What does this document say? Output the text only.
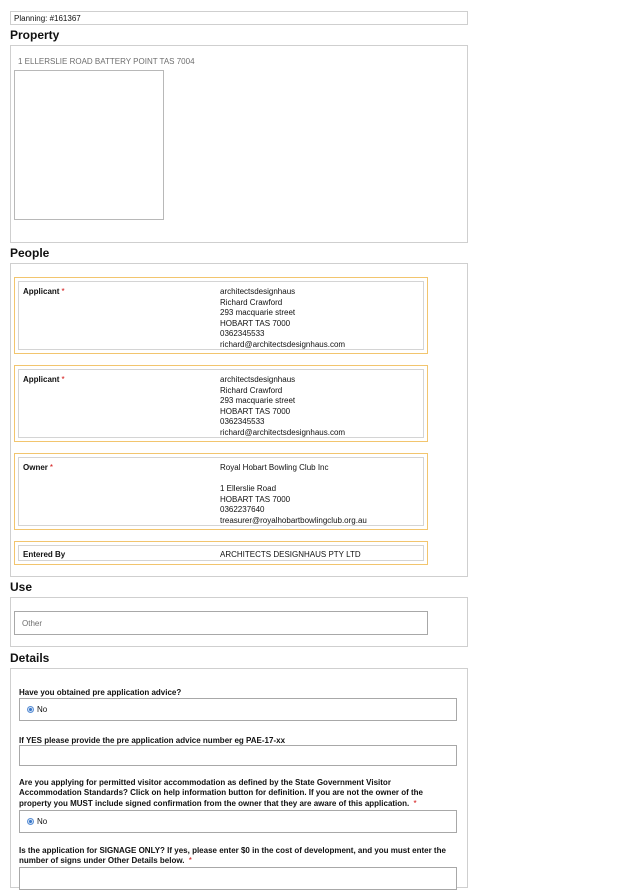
Planning: #161367
Property
1 ELLERSLIE ROAD BATTERY POINT TAS 7004
People
Applicant *	architectsdesignhaus
Richard Crawford
293 macquarie street
HOBART TAS 7000
0362345533
richard@architectsdesignhaus.com
Applicant *	architectsdesignhaus
Richard Crawford
293 macquarie street
HOBART TAS 7000
0362345533
richard@architectsdesignhaus.com
Owner *	Royal Hobart Bowling Club Inc

1 Ellerslie Road
HOBART TAS 7000
0362237640
treasurer@royalhobartbowlingclub.org.au
Entered By	ARCHITECTS DESIGNHAUS PTY LTD
Use
Other
Details
Have you obtained pre application advice?
No
If YES please provide the pre application advice number eg PAE-17-xx
Are you applying for permitted visitor accommodation as defined by the State Government Visitor Accommodation Standards? Click on help information button for definition. If you are not the owner of the property you MUST include signed confirmation from the owner that they are aware of this application. *
No
Is the application for SIGNAGE ONLY? If yes, please enter $0 in the cost of development, and you must enter the number of signs under Other Details below. *
